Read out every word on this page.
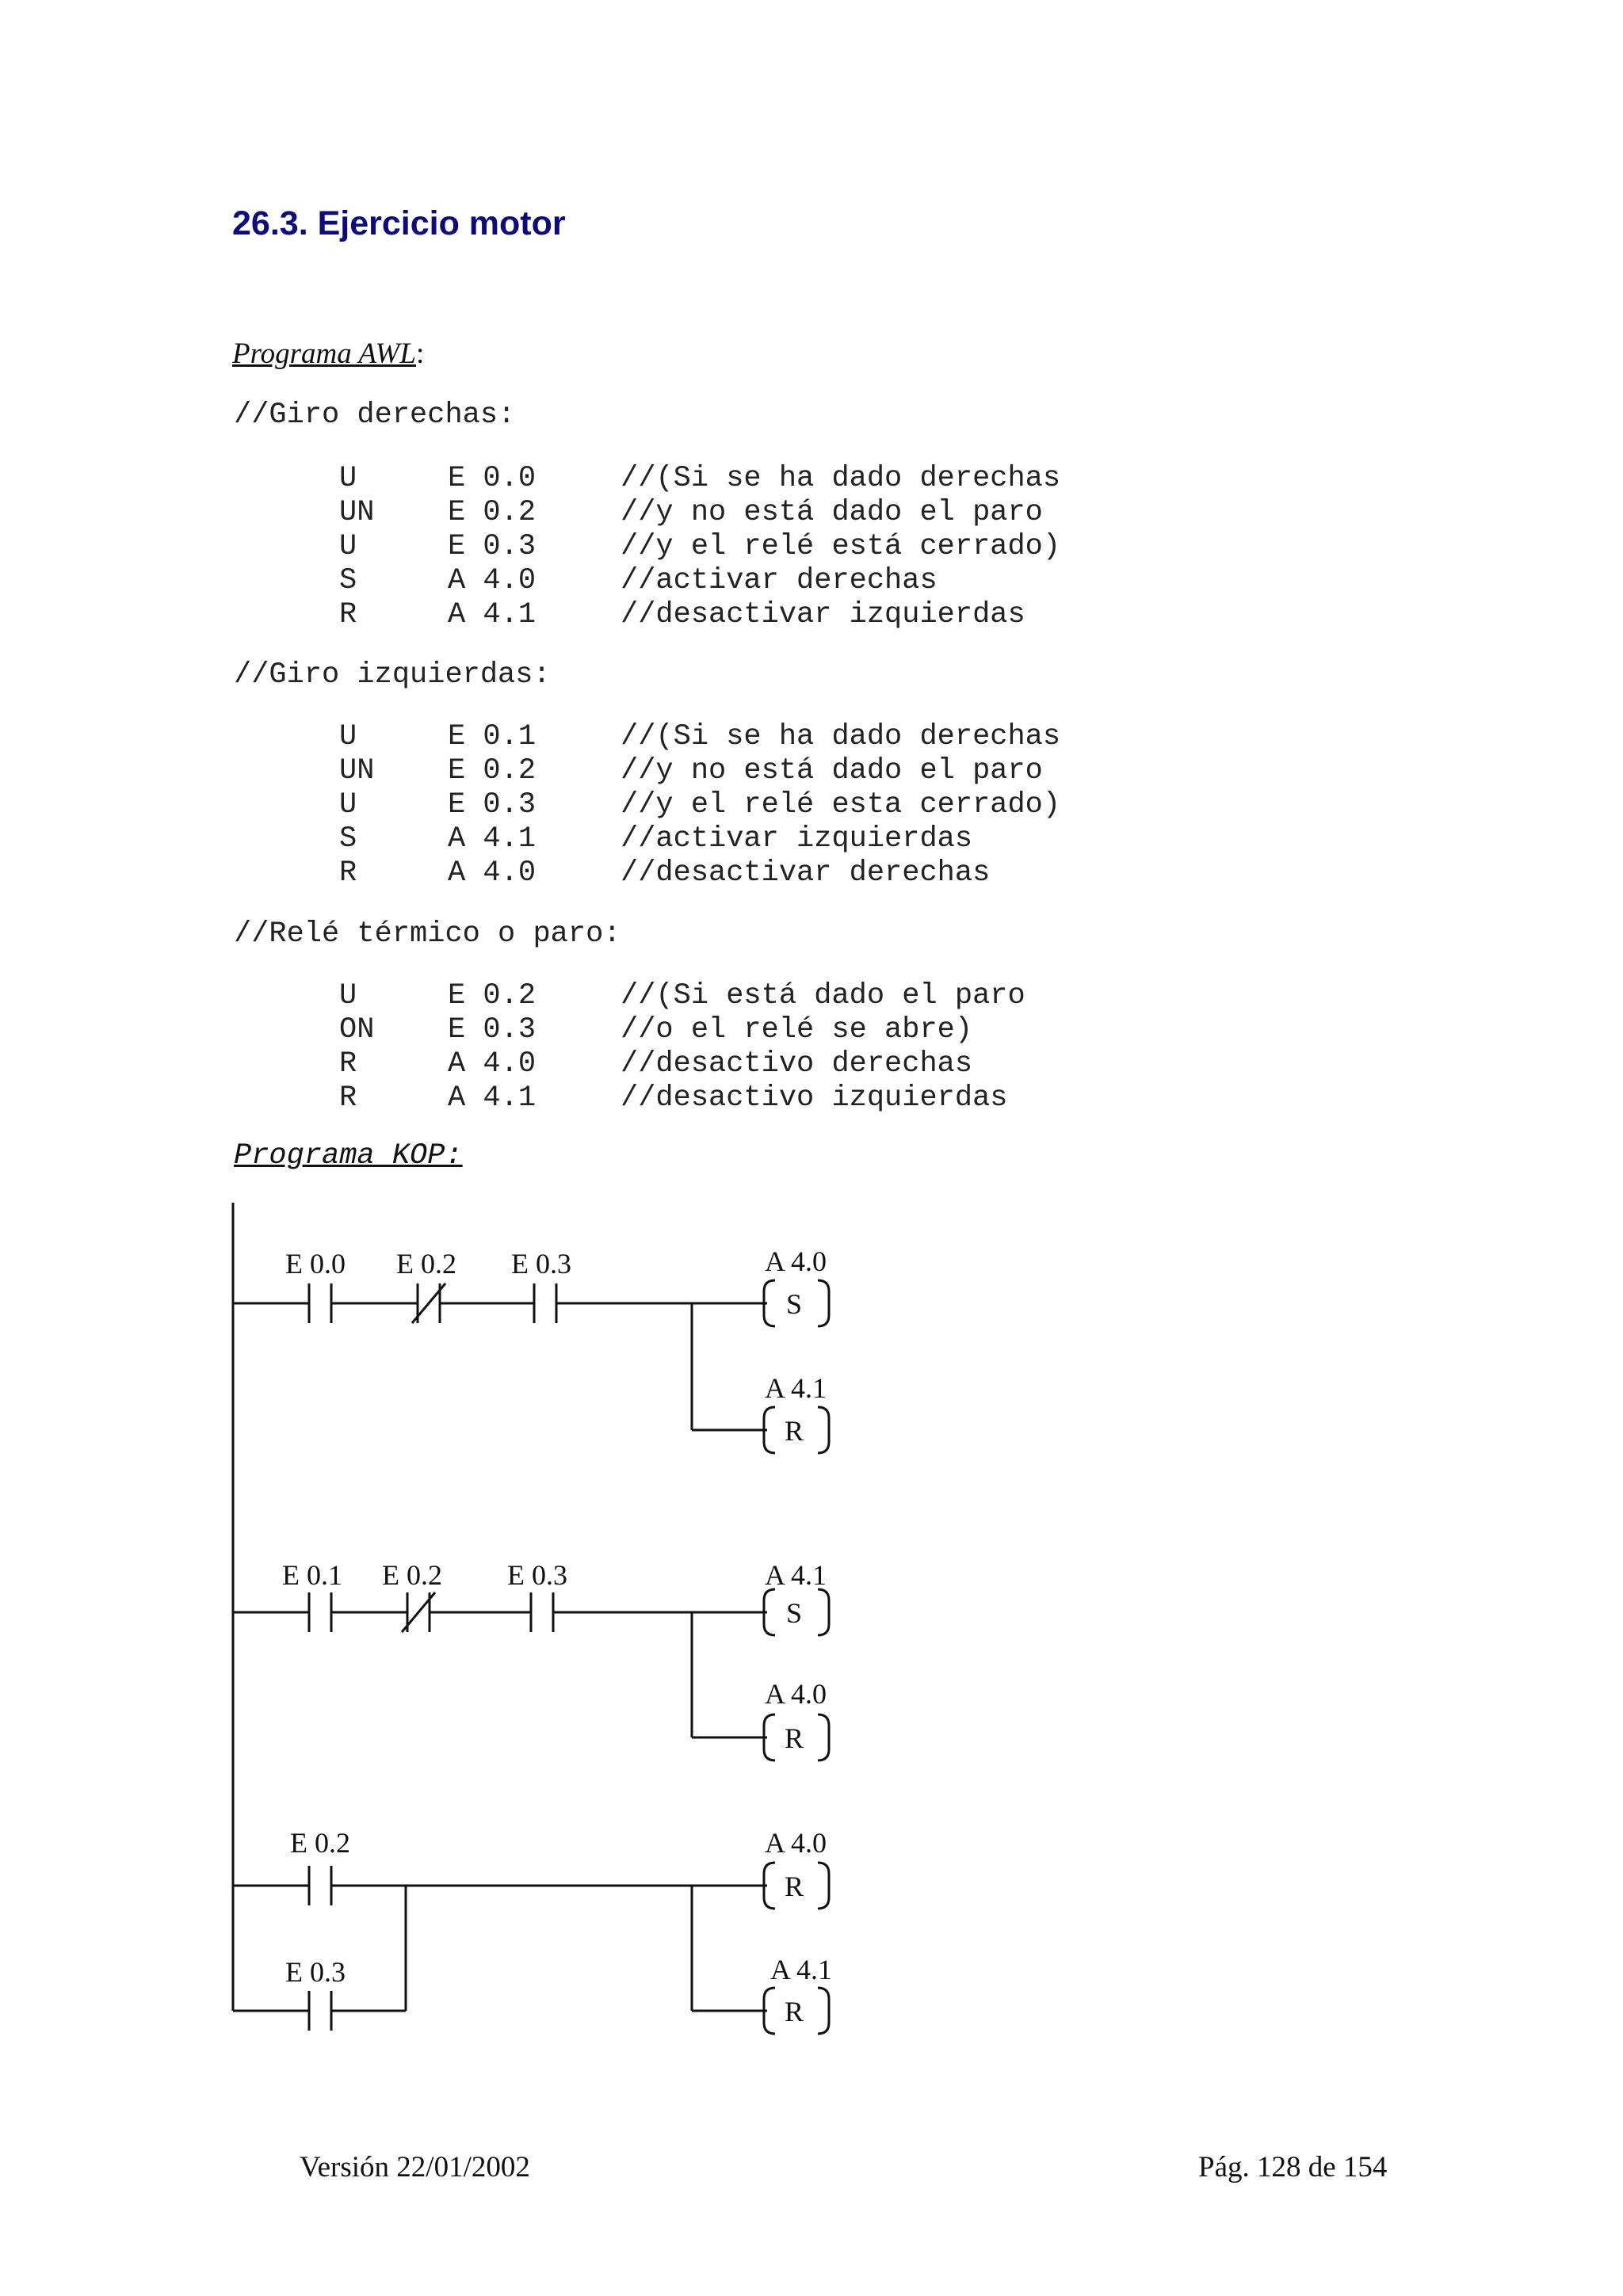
26.3. Ejercicio motor
Programa AWL:
//Giro derechas:
U	E 0.0	//(Si se ha dado derechas
UN	E 0.2	//y no está dado el paro
U	E 0.3	//y el relé está cerrado)
S	A 4.0	//activar derechas
R	A 4.1	//desactivar izquierdas
//Giro izquierdas:
U	E 0.1	//(Si se ha dado derechas
UN	E 0.2	//y no está dado el paro
U	E 0.3	//y el relé esta cerrado)
S	A 4.1	//activar izquierdas
R	A 4.0	//desactivar derechas
//Relé térmico o paro:
U	E 0.2	//(Si está dado el paro
ON	E 0.3	//o el relé se abre)
R	A 4.0	//desactivo derechas
R	A 4.1	//desactivo izquierdas
Programa KOP:
E 0.0 E 0.2 E 0.3	A 4.0
S
A 4.1
R
E 0.1 E 0.2 E 0.3	A 4.1
S
A 4.0
R
E 0.2
E 0.3
A 4.0
R
A 4.1
R
Versión 22/01/2002	Pág. 128 de 154
